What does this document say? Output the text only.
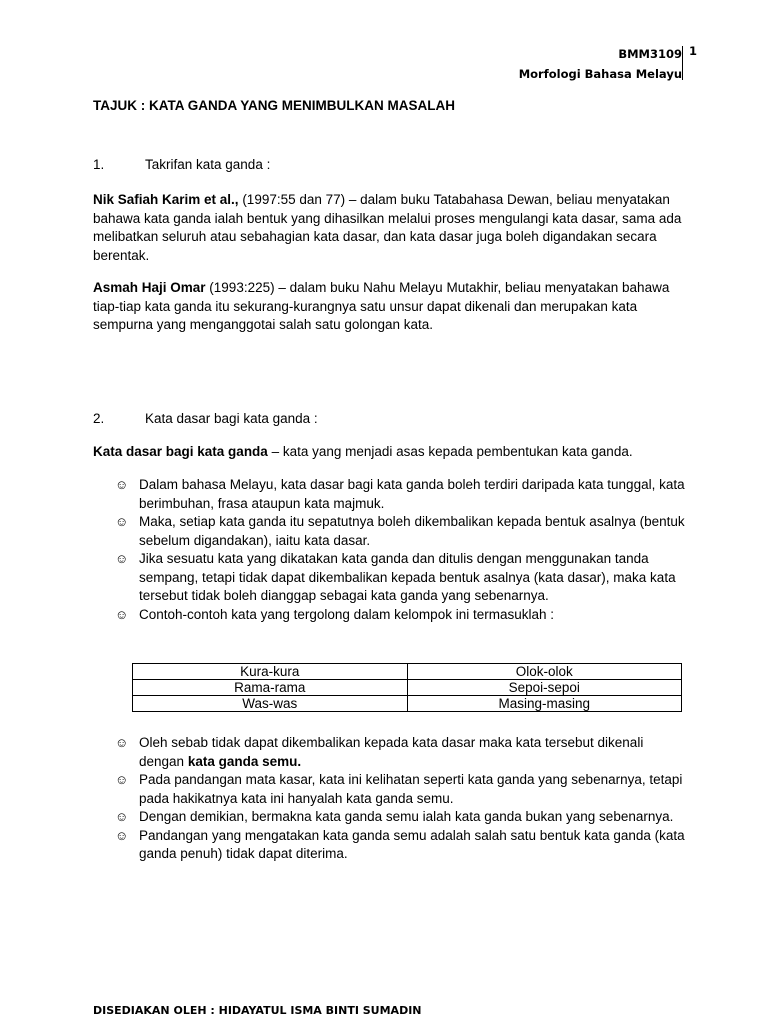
BMM3109
Morfologi Bahasa Melayu
1
TAJUK : KATA GANDA YANG MENIMBULKAN MASALAH
1.	Takrifan kata ganda :
Nik Safiah Karim et al., (1997:55 dan 77) – dalam buku Tatabahasa Dewan, beliau menyatakan bahawa kata ganda ialah bentuk yang dihasilkan melalui proses mengulangi kata dasar, sama ada melibatkan seluruh atau sebahagian kata dasar, dan kata dasar juga boleh digandakan secara berentak.
Asmah Haji Omar (1993:225) – dalam buku Nahu Melayu Mutakhir, beliau menyatakan bahawa tiap-tiap kata ganda itu sekurang-kurangnya satu unsur dapat dikenali dan merupakan kata sempurna yang menganggotai salah satu golongan kata.
2.	Kata dasar bagi kata ganda :
Kata dasar bagi kata ganda – kata yang menjadi asas kepada pembentukan kata ganda.
☺ Dalam bahasa Melayu, kata dasar bagi kata ganda boleh terdiri daripada kata tunggal, kata berimbuhan, frasa ataupun kata majmuk.
☺ Maka, setiap kata ganda itu sepatutnya boleh dikembalikan kepada bentuk asalnya (bentuk sebelum digandakan), iaitu kata dasar.
☺ Jika sesuatu kata yang dikatakan kata ganda dan ditulis dengan menggunakan tanda sempang, tetapi tidak dapat dikembalikan kepada bentuk asalnya (kata dasar), maka kata tersebut tidak boleh dianggap sebagai kata ganda yang sebenarnya.
☺ Contoh-contoh kata yang tergolong dalam kelompok ini termasuklah :
Kura-kura	Olok-olok
Rama-rama	Sepoi-sepoi
Was-was	Masing-masing
☺ Oleh sebab tidak dapat dikembalikan kepada kata dasar maka kata tersebut dikenali dengan kata ganda semu.
☺ Pada pandangan mata kasar, kata ini kelihatan seperti kata ganda yang sebenarnya, tetapi pada hakikatnya kata ini hanyalah kata ganda semu.
☺ Dengan demikian, bermakna kata ganda semu ialah kata ganda bukan yang sebenarnya.
☺ Pandangan yang mengatakan kata ganda semu adalah salah satu bentuk kata ganda (kata ganda penuh) tidak dapat diterima.
DISEDIAKAN OLEH : HIDAYATUL ISMA BINTI SUMADIN
